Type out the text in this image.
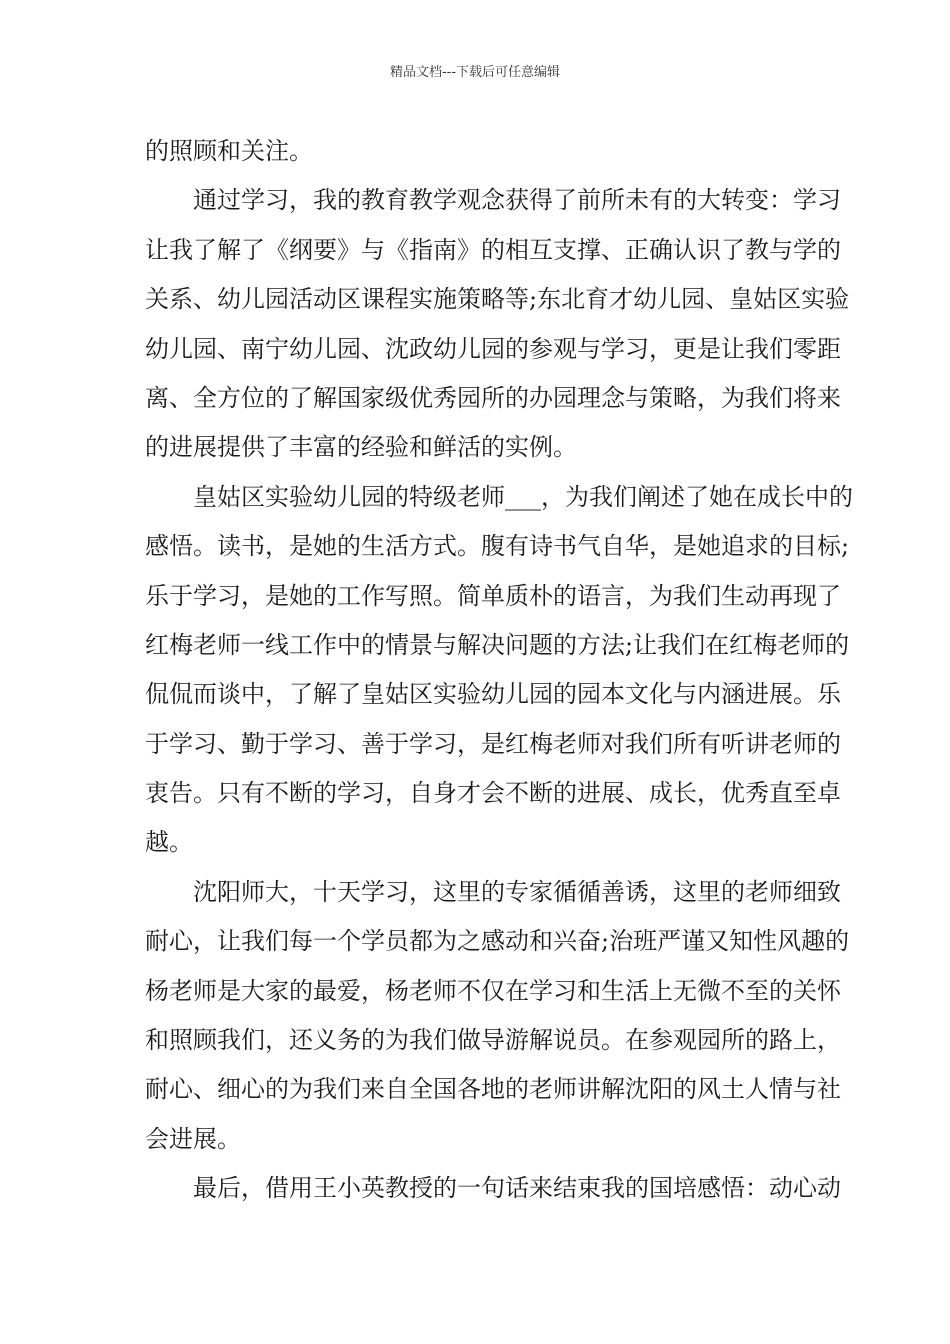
精品文档---下载后可任意编辑
的照顾和关注。
通过学习，我的教育教学观念获得了前所未有的大转变：学习
让我了解了《纲要》与《指南》的相互支撑、正确认识了教与学的
关系、幼儿园活动区课程实施策略等;东北育才幼儿园、皇姑区实验
幼儿园、南宁幼儿园、沈政幼儿园的参观与学习，更是让我们零距
离、全方位的了解国家级优秀园所的办园理念与策略，为我们将来
的进展提供了丰富的经验和鲜活的实例。
皇姑区实验幼儿园的特级老师___，为我们阐述了她在成长中的
感悟。读书，是她的生活方式。腹有诗书气自华，是她追求的目标;
乐于学习，是她的工作写照。简单质朴的语言，为我们生动再现了
红梅老师一线工作中的情景与解决问题的方法;让我们在红梅老师的
侃侃而谈中，了解了皇姑区实验幼儿园的园本文化与内涵进展。乐
于学习、勤于学习、善于学习，是红梅老师对我们所有听讲老师的
衷告。只有不断的学习，自身才会不断的进展、成长，优秀直至卓
越。
沈阳师大，十天学习，这里的专家循循善诱，这里的老师细致
耐心，让我们每一个学员都为之感动和兴奋;治班严谨又知性风趣的
杨老师是大家的最爱，杨老师不仅在学习和生活上无微不至的关怀
和照顾我们，还义务的为我们做导游解说员。在参观园所的路上，
耐心、细心的为我们来自全国各地的老师讲解沈阳的风土人情与社
会进展。
最后，借用王小英教授的一句话来结束我的国培感悟：动心动
